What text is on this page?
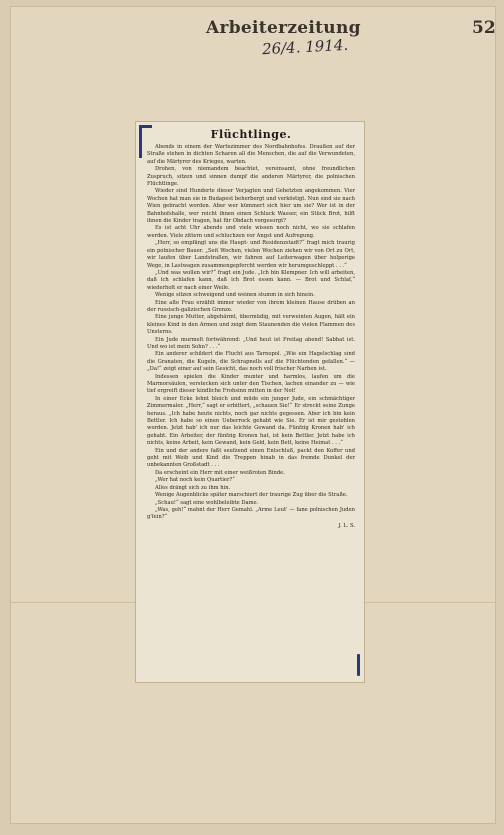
Arbeiterzeitung	52
26/4. 1914.
Flüchtlinge.

Abends in einem der Wartezimmer des Nordbahnhofes. Draußen auf der Straße stehen in dichten Scharen all die Menschen, die auf die Verwundeten, auf die Märtyrer des Krieges, warten.

Drohen, von niemandem beachtet, vereinsamt, ohne freundlichen Zuspruch, sitzen und sinnen dumpf die anderen Märtyrer, die polnischen Flüchtlinge.

Wieder sind Hunderte dieser Verjagten und Gehetzten angekommen. Vier Wochen hat man sie in Budapest beherbergt und verköstigt. Nun sind sie nach Wien gebracht worden. Aber wer kümmert sich hier um sie? Wer ist in der Bahnhofshalle, wer reicht ihnen einen Schluck Wasser, ein Stück Brot, hilft ihnen die Kinder tragen, hat für Obdach vorgesorgt?

Es ist acht Uhr abends und viele wissen noch nicht, wo sie schlafen werden. Viele zittern und schluchzen vor Angst und Aufregung.

„Herr, so empfängt uns die Haupt- und Residenzstadt?“ fragt mich traurig ein polnischer Bauer. „Seit Wochen, vielen Wochen ziehen wir von Ort zu Ort, wir laufen über Landstraßen, wir fahren auf Leiterwagen über holperige Wege, in Lastwagen zusammengepfercht werden wir herumgeschleppt . . .“

„Und was wollen wir?“ fragt ein Jude. „Ich bin Klempner. Ich will arbeiten, daß ich schlafen kann, daß ich Brot essen kann. — Brot und Schlaf,“ wiederholt er nach einer Weile.

Wenige sitzen schweigend und weinen stumm in sich hinein.

Eine alte Frau erzählt immer wieder von ihrem kleinen Hause drüben an der russisch-galizischen Grenze.

Eine junge Mutter, abgehärmt, übermüdig, mit verweinten Augen, hält ein kleines Kind in den Armen und zeigt dem Staunenden die vielen Flammen des Unsterns.

Ein Jude murmelt fortwährend: „Und heut ist Freitag abend! Sabbat ist. Und wo ist mein Sohn? . . .“

Ein anderer schildert die Flucht aus Tarnopol. „Wie ein Hagelschlag sind die Granaten, die Kugeln, die Schrapnells auf die Flüchtenden gefallen.“ — „Da!“ zeigt einer auf sein Gesicht, das noch voll frischer Narben ist.

Indessen spielen die Kinder munter und harmlos, laufen um die Marmorsäulen, verstecken sich unter den Tischen, lachen einander zu — wie tief ergreift dieser kindliche Frohsinn mitten in der Not!

In einer Ecke lehnt bleich und müde ein junger Jude, ein schmächtiger Zimmermaler. „Herr,“ sagt er erbittert, „schauen Sie!“ Er streckt seine Zunge heraus. „Ich habe heute nichts, noch gar nichts gegessen. Aber ich bin kein Bettler. Ich habe so einen Ueberrock gehabt wie Sie. Er ist mir gestohlen worden. Jetzt hab' ich nur das leichte Gewand da. Fünfzig Kronen hab' ich gehabt. Ein Arbeiter, der fünfzig Kronen hat, ist kein Bettler. Jetzt habe ich nichts, keine Arbeit, kein Gewand, kein Geld, kein Bett, keine Heimat . . .“

Ein und der andere faßt seufzend einen Entschluß, packt den Koffer und geht mit Weib und Kind die Treppen hinab in das fremde Dunkel der unbekannten Großstadt . . .

Da erscheint ein Herr mit einer weißroten Binde.

„Wer hat noch kein Quartier?“

Alles drängt sich zu ihm hin.

Wenige Augenblicke später marschiert der traurige Zug über die Straße.

„Schau!“ sagt eine wohlbeleibte Dame.

„Was, geh!“ mahnt der Herr Gemahl. „Arme Leut' — fane polnischen Juden g'ſein?“

J. L. S.
